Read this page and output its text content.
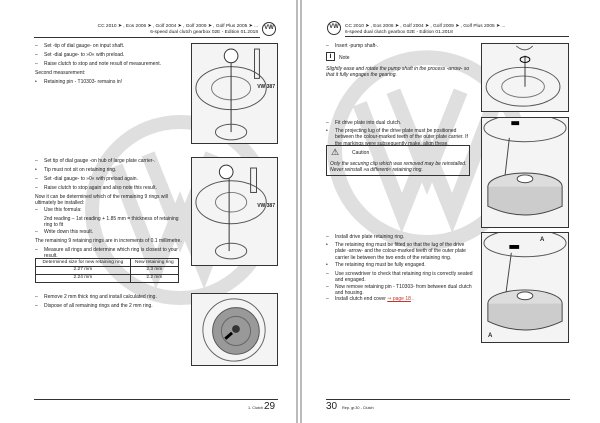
CC 2010 ➤ , Eos 2006 ➤ , Golf 2004 ➤ , Golf 2009 ➤ , Golf Plus 2005 ➤ ...
6-speed dual clutch gearbox 02E - Edition 01.2018
VW
– Set -tip of dial gauge- on input shaft.
– Set -dial gauge- to »0« with preload.
– Raise clutch to stop and note result of measurement.
Second measurement:
• Retaining pin - T10303- remains in!
VW 387
– Set tip of dial gauge -on hub of large plate carrier-.
• Tip must not sit on retaining ring.
– Set -dial gauge- to »0« with preload again.
– Raise clutch to stop again and also note this result.
Now it can be determined which of the remaining 9 rings will ultimately be installed:
– Use this formula:
2nd reading – 1st reading + 1.85 mm = thickness of retaining ring to fit
– Write down this result.
The remaining 9 retaining rings are in increments of 0.1 millimetre.
– Measure all rings and determine which ring is closest to your result.
Determined size for new retaining ring	New retaining ring
2.27 mm	2.3 mm
2.24 mm	2.2 mm
VW 387
– Remove 2 mm thick ring and install calculated ring.
– Dispose of all remaining rings and the 2 mm ring.
1. Clutch 29
VW CC 2010 ➤ , Eos 2006 ➤ , Golf 2004 ➤ , Golf 2009 ➤ , Golf Plus 2005 ➤ ...
6-speed dual clutch gearbox 02E - Edition 01.2018
– Insert -pump shaft-.
i	Note
Slightly ease and rotate the pump shaft in the process -arrow- so that it fully engages the gearing.
– Fit drive plate into dual clutch.
• The projecting lug of the drive plate must be positioned between the colour-marked teeth of the outer plate carrier. If the markings were subsequently make, align these.
⚠	Caution
Only the securing clip which was removed may be reinstalled. Never reinstall »a different« retaining ring.
– Install drive plate retaining ring.
• The retaining ring must be fitted so that the lug of the drive plate -arrow- and the colour-marked teeth of the outer plate carrier lie between the two ends of the retaining ring.
• The retaining ring must be fully engaged.
– Use screwdriver to check that retaining ring is correctly seated and engaged.
– Now remove retaining pin - T10303- from between dual clutch and housing.
– Install clutch end cover ⇒ page 18 .
A
A
30 Rep. gr.30 - Clutch
